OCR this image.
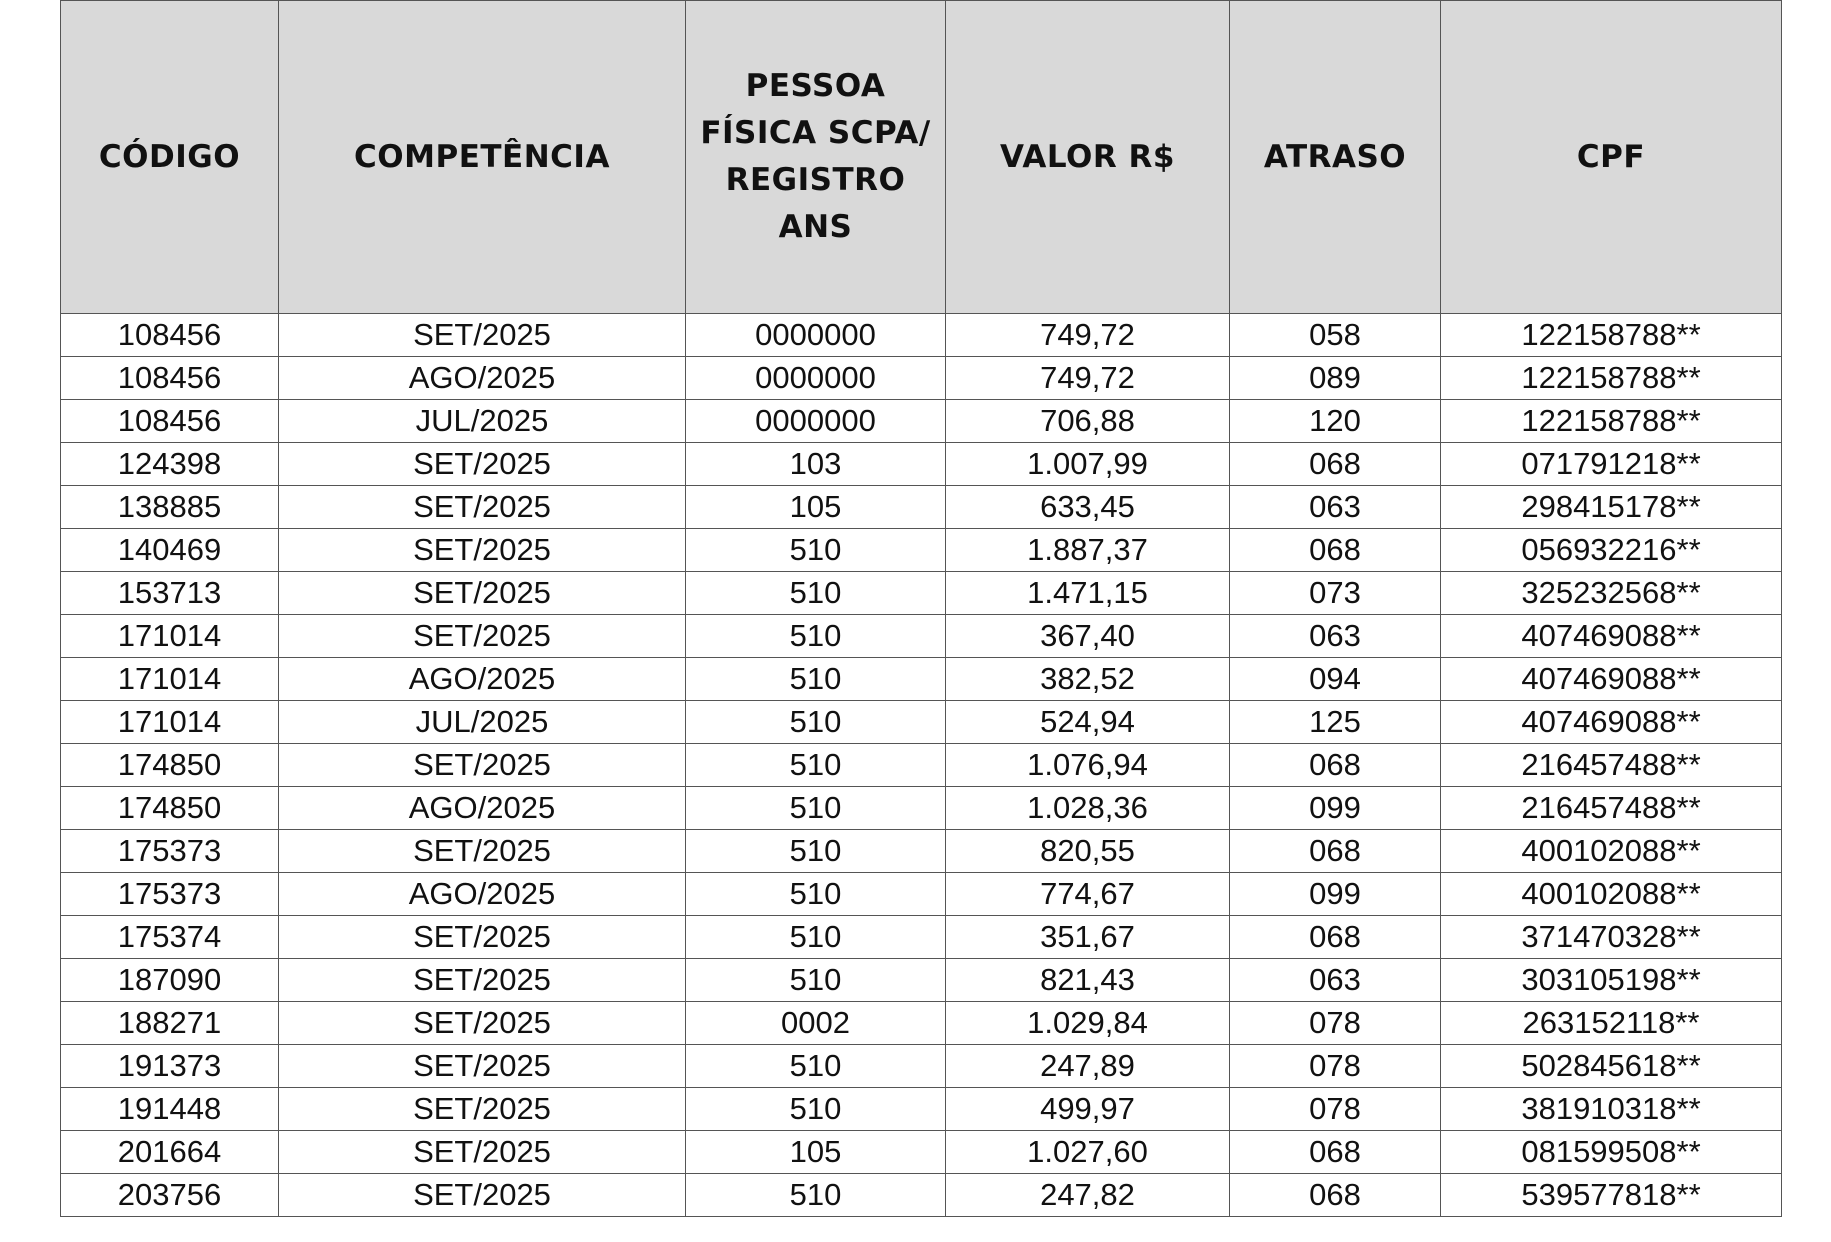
CÓDIGO	COMPETÊNCIA	PESSOA FÍSICA SCPA/ REGISTRO ANS	VALOR R$	ATRASO	CPF

108456	SET/2025	0000000	749,72	058	122158788**
108456	AGO/2025	0000000	749,72	089	122158788**
108456	JUL/2025	0000000	706,88	120	122158788**
124398	SET/2025	103	1.007,99	068	071791218**
138885	SET/2025	105	633,45	063	298415178**
140469	SET/2025	510	1.887,37	068	056932216**
153713	SET/2025	510	1.471,15	073	325232568**
171014	SET/2025	510	367,40	063	407469088**
171014	AGO/2025	510	382,52	094	407469088**
171014	JUL/2025	510	524,94	125	407469088**
174850	SET/2025	510	1.076,94	068	216457488**
174850	AGO/2025	510	1.028,36	099	216457488**
175373	SET/2025	510	820,55	068	400102088**
175373	AGO/2025	510	774,67	099	400102088**
175374	SET/2025	510	351,67	068	371470328**
187090	SET/2025	510	821,43	063	303105198**
188271	SET/2025	0002	1.029,84	078	263152118**
191373	SET/2025	510	247,89	078	502845618**
191448	SET/2025	510	499,97	078	381910318**
201664	SET/2025	105	1.027,60	068	081599508**
203756	SET/2025	510	247,82	068	539577818**
